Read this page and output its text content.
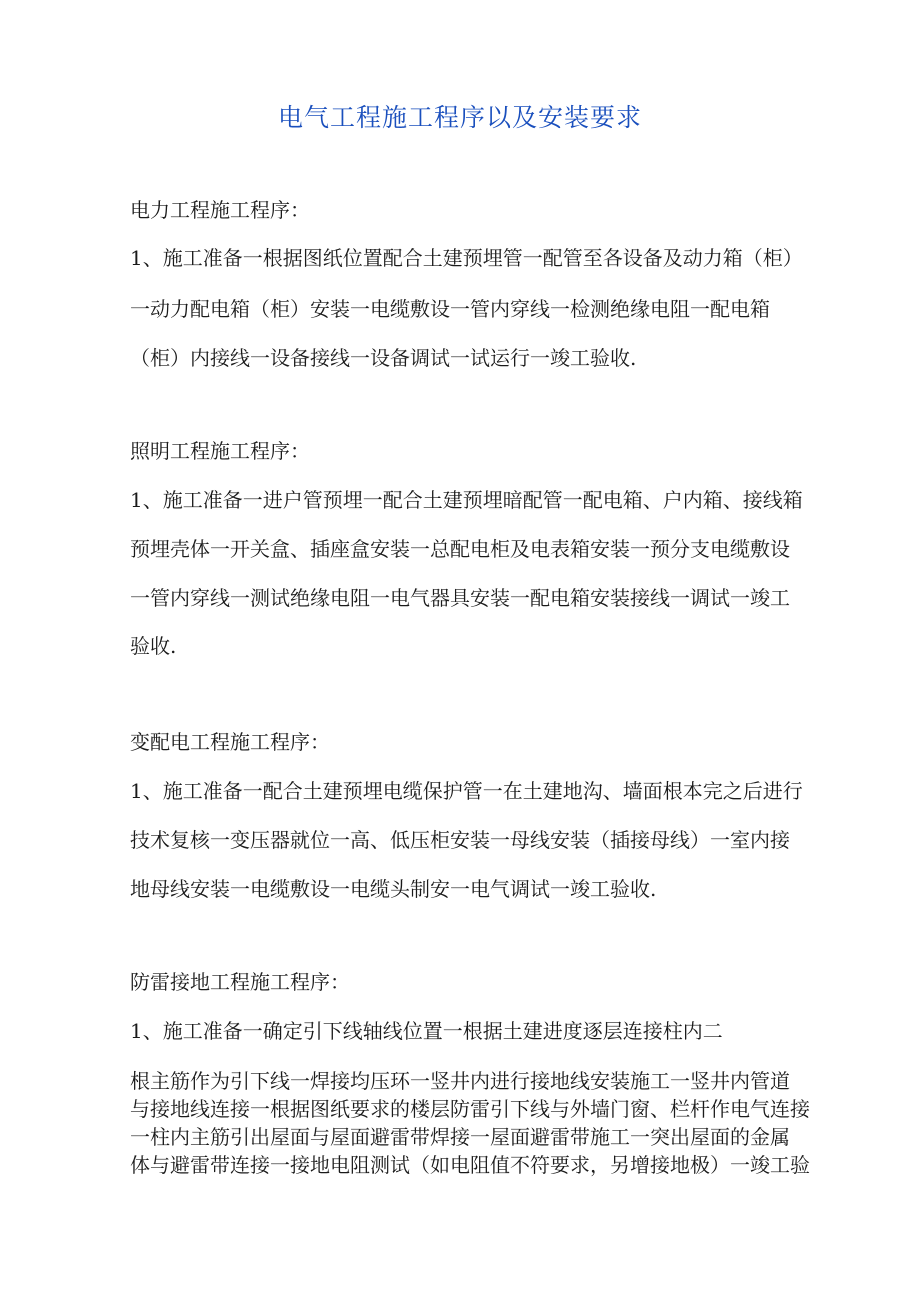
电气工程施工程序以及安装要求
电力工程施工程序：
1、施工准备一根据图纸位置配合土建预埋管一配管至各设备及动力箱（柜）
一动力配电箱（柜）安装一电缆敷设一管内穿线一检测绝缘电阻一配电箱
（柜）内接线一设备接线一设备调试一试运行一竣工验收.
照明工程施工程序：
1、施工准备一进户管预埋一配合土建预埋暗配管一配电箱、户内箱、接线箱
预埋壳体一开关盒、插座盒安装一总配电柜及电表箱安装一预分支电缆敷设
一管内穿线一测试绝缘电阻一电气器具安装一配电箱安装接线一调试一竣工
验收.
变配电工程施工程序：
1、施工准备一配合土建预埋电缆保护管一在土建地沟、墙面根本完之后进行
技术复核一变压器就位一高、低压柜安装一母线安装（插接母线）一室内接
地母线安装一电缆敷设一电缆头制安一电气调试一竣工验收.
防雷接地工程施工程序：
1、施工准备一确定引下线轴线位置一根据土建进度逐层连接柱内二
根主筋作为引下线一焊接均压环一竖井内进行接地线安装施工一竖井内管道
与接地线连接一根据图纸要求的楼层防雷引下线与外墙门窗、栏杆作电气连接
一柱内主筋引出屋面与屋面避雷带焊接一屋面避雷带施工一突出屋面的金属
体与避雷带连接一接地电阻测试（如电阻值不符要求，另增接地极）一竣工验
